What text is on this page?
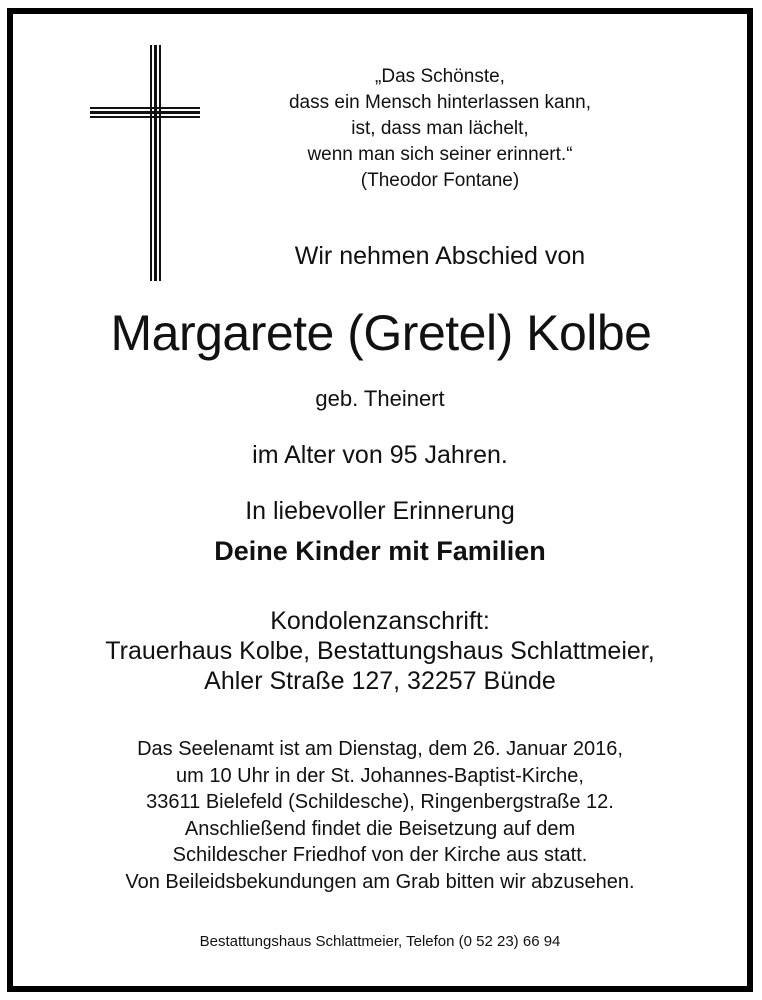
„Das Schönste,
dass ein Mensch hinterlassen kann,
ist, dass man lächelt,
wenn man sich seiner erinnert.“
(Theodor Fontane)
Wir nehmen Abschied von
Margarete (Gretel) Kolbe
geb. Theinert
im Alter von 95 Jahren.
In liebevoller Erinnerung
Deine Kinder mit Familien
Kondolenzanschrift:
Trauerhaus Kolbe, Bestattungshaus Schlattmeier,
Ahler Straße 127, 32257 Bünde
Das Seelenamt ist am Dienstag, dem 26. Januar 2016,
um 10 Uhr in der St. Johannes-Baptist-Kirche,
33611 Bielefeld (Schildesche), Ringenbergstraße 12.
Anschließend findet die Beisetzung auf dem
Schildescher Friedhof von der Kirche aus statt.
Von Beileidsbekundungen am Grab bitten wir abzusehen.
Bestattungshaus Schlattmeier, Telefon (0 52 23) 66 94
